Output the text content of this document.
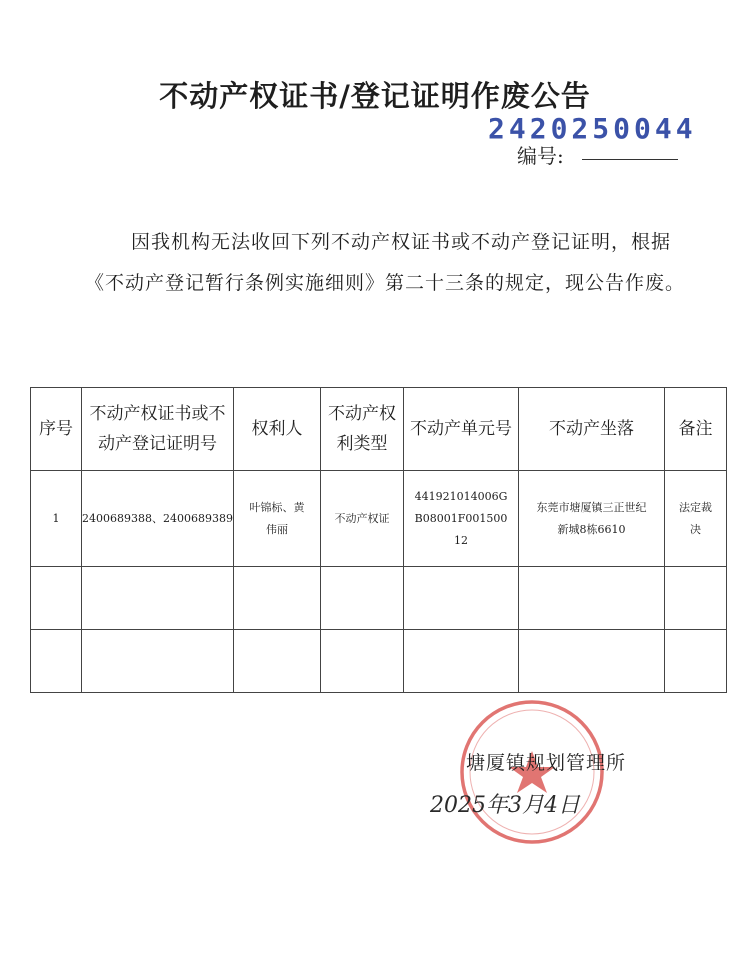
不动产权证书/登记证明作废公告
2420250044
编号:
因我机构无法收回下列不动产权证书或不动产登记证明，根据《不动产登记暂行条例实施细则》第二十三条的规定，现公告作废。
序号	不动产权证书或不动产登记证明号	权利人	不动产权利类型	不动产单元号	不动产坐落	备注
1	2400689388、2400689389	叶锦标、黄伟丽	不动产权证	441921014006GB08001F00150012	东莞市塘厦镇三正世纪新城8栋6610	法定裁决

塘厦镇规划管理所
2025年3月4日
